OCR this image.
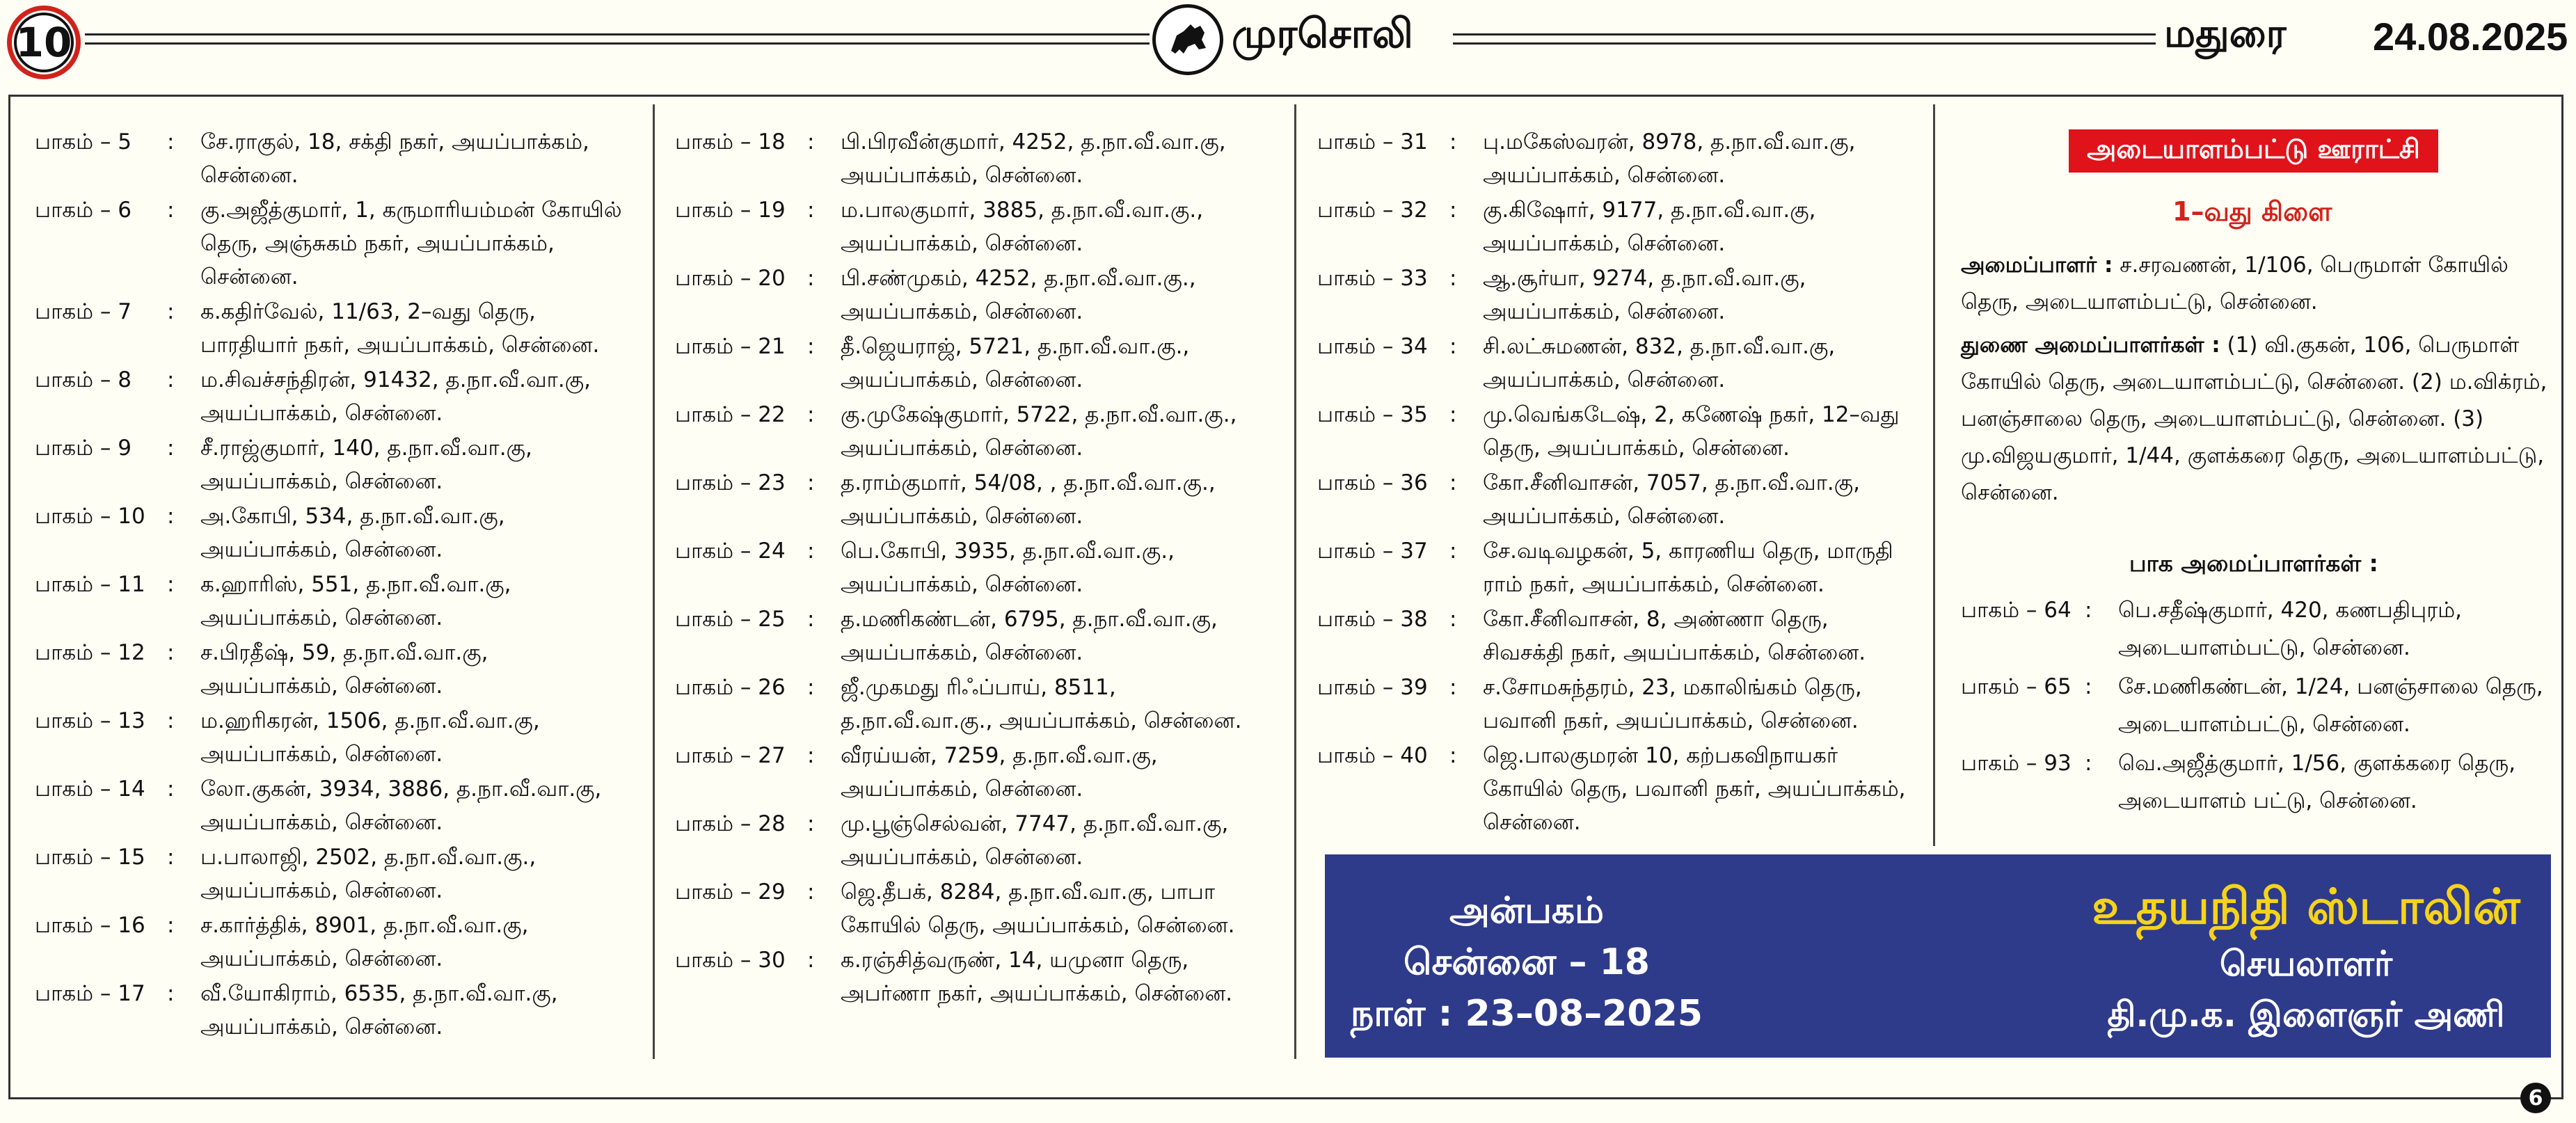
10	முரசொலி	மதுரை 24.08.2025
பாகம் – 5	:	சே.ராகுல், 18, சக்தி நகர், அயப்பாக்கம், சென்னை.
பாகம் – 6	:	கு.அஜீத்குமார், 1, கருமாரியம்மன் கோயில் தெரு, அஞ்சுகம் நகர், அயப்பாக்கம், சென்னை.
பாகம் – 7	:	க.கதிர்வேல், 11/63, 2–வது தெரு, பாரதியார் நகர், அயப்பாக்கம், சென்னை.
பாகம் – 8	:	ம.சிவச்சந்திரன், 91432, த.நா.வீ.வா.கு, அயப்பாக்கம், சென்னை.
பாகம் – 9	:	சீ.ராஜ்குமார், 140, த.நா.வீ.வா.கு, அயப்பாக்கம், சென்னை.
பாகம் – 10	:	அ.கோபி, 534, த.நா.வீ.வா.கு, அயப்பாக்கம், சென்னை.
பாகம் – 11	:	க.ஹாரிஸ், 551, த.நா.வீ.வா.கு, அயப்பாக்கம், சென்னை.
பாகம் – 12	:	ச.பிரதீஷ், 59, த.நா.வீ.வா.கு, அயப்பாக்கம், சென்னை.
பாகம் – 13	:	ம.ஹரிகரன், 1506, த.நா.வீ.வா.கு, அயப்பாக்கம், சென்னை.
பாகம் – 14	:	லோ.குகன், 3934, 3886, த.நா.வீ.வா.கு, அயப்பாக்கம், சென்னை.
பாகம் – 15	:	ப.பாலாஜி, 2502, த.நா.வீ.வா.கு., அயப்பாக்கம், சென்னை.
பாகம் – 16	:	ச.கார்த்திக், 8901, த.நா.வீ.வா.கு, அயப்பாக்கம், சென்னை.
பாகம் – 17	:	வீ.யோகிராம், 6535, த.நா.வீ.வா.கு, அயப்பாக்கம், சென்னை.
பாகம் – 18	:	பி.பிரவீன்குமார், 4252, த.நா.வீ.வா.கு, அயப்பாக்கம், சென்னை.
பாகம் – 19	:	ம.பாலகுமார், 3885, த.நா.வீ.வா.கு., அயப்பாக்கம், சென்னை.
பாகம் – 20	:	பி.சண்முகம், 4252, த.நா.வீ.வா.கு., அயப்பாக்கம், சென்னை.
பாகம் – 21	:	தீ.ஜெயராஜ், 5721, த.நா.வீ.வா.கு., அயப்பாக்கம், சென்னை.
பாகம் – 22	:	கு.முகேஷ்குமார், 5722, த.நா.வீ.வா.கு., அயப்பாக்கம், சென்னை.
பாகம் – 23	:	த.ராம்குமார், 54/08, , த.நா.வீ.வா.கு., அயப்பாக்கம், சென்னை.
பாகம் – 24	:	பெ.கோபி, 3935, த.நா.வீ.வா.கு., அயப்பாக்கம், சென்னை.
பாகம் – 25	:	த.மணிகண்டன், 6795, த.நா.வீ.வா.கு, அயப்பாக்கம், சென்னை.
பாகம் – 26	:	ஜீ.முகமது ரிஃப்பாய், 8511, த.நா.வீ.வா.கு., அயப்பாக்கம், சென்னை.
பாகம் – 27	:	வீரய்யன், 7259, த.நா.வீ.வா.கு, அயப்பாக்கம், சென்னை.
பாகம் – 28	:	மு.பூஞ்செல்வன், 7747, த.நா.வீ.வா.கு, அயப்பாக்கம், சென்னை.
பாகம் – 29	:	ஜெ.தீபக், 8284, த.நா.வீ.வா.கு, பாபா கோயில் தெரு, அயப்பாக்கம், சென்னை.
பாகம் – 30	:	க.ரஞ்சித்வருண், 14, யமுனா தெரு, அபர்ணா நகர், அயப்பாக்கம், சென்னை.
பாகம் – 31	:	பு.மகேஸ்வரன், 8978, த.நா.வீ.வா.கு, அயப்பாக்கம், சென்னை.
பாகம் – 32	:	கு.கிஷோர், 9177, த.நா.வீ.வா.கு, அயப்பாக்கம், சென்னை.
பாகம் – 33	:	ஆ.சூர்யா, 9274, த.நா.வீ.வா.கு, அயப்பாக்கம், சென்னை.
பாகம் – 34	:	சி.லட்சுமணன், 832, த.நா.வீ.வா.கு, அயப்பாக்கம், சென்னை.
பாகம் – 35	:	மு.வெங்கடேஷ், 2, கணேஷ் நகர், 12–வது தெரு, அயப்பாக்கம், சென்னை.
பாகம் – 36	:	கோ.சீனிவாசன், 7057, த.நா.வீ.வா.கு, அயப்பாக்கம், சென்னை.
பாகம் – 37	:	சே.வடிவழகன், 5, காரணிய தெரு, மாருதி ராம் நகர், அயப்பாக்கம், சென்னை.
பாகம் – 38	:	கோ.சீனிவாசன், 8, அண்ணா தெரு, சிவசக்தி நகர், அயப்பாக்கம், சென்னை.
பாகம் – 39	:	ச.சோமசுந்தரம், 23, மகாலிங்கம் தெரு, பவானி நகர், அயப்பாக்கம், சென்னை.
பாகம் – 40	:	ஜெ.பாலகுமரன் 10, கற்பகவிநாயகர் கோயில் தெரு, பவானி நகர், அயப்பாக்கம், சென்னை.
அடையாளம்பட்டு ஊராட்சி
1–வது கிளை
அமைப்பாளர் : ச.சரவணன், 1/106, பெருமாள் கோயில் தெரு, அடையாளம்பட்டு, சென்னை.
துணை அமைப்பாளர்கள் : (1) வி.குகன், 106, பெருமாள் கோயில் தெரு, அடையாளம்பட்டு, சென்னை. (2) ம.விக்ரம், பனஞ்சாலை தெரு, அடையாளம்பட்டு, சென்னை. (3) மு.விஜயகுமார், 1/44, குளக்கரை தெரு, அடையாளம்பட்டு, சென்னை.
பாக அமைப்பாளர்கள் :
பாகம் – 64 :	பெ.சதீஷ்குமார், 420, கணபதிபுரம், அடையாளம்பட்டு, சென்னை.
பாகம் – 65 :	சே.மணிகண்டன், 1/24, பனஞ்சாலை தெரு, அடையாளம்பட்டு, சென்னை.
பாகம் – 93 :	வெ.அஜீத்குமார், 1/56, குளக்கரை தெரு, அடையாளம் பட்டு, சென்னை.
அன்பகம்
சென்னை – 18
நாள் : 23–08–2025
உதயநிதி ஸ்டாலின்
செயலாளர்
தி.மு.க. இளைஞர் அணி
6
